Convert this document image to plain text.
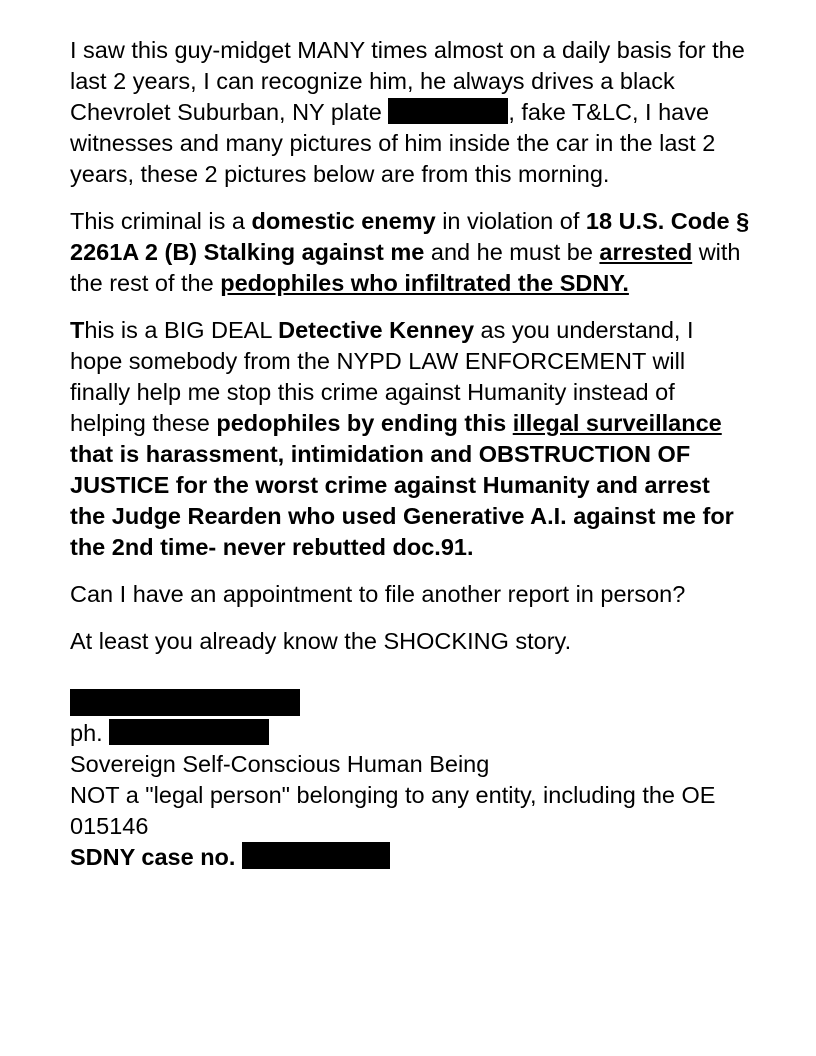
I saw this guy-midget MANY times almost on a daily basis for the last 2 years, I can recognize him, he always drives a black Chevrolet Suburban, NY plate	, fake T&LC, I have witnesses and many pictures of him inside the car in the last 2 years, these 2 pictures below are from this morning.

This criminal is a domestic enemy in violation of 18 U.S. Code § 2261A 2 (B) Stalking against me and he must be arrested with the rest of the pedophiles who infiltrated the SDNY.

This is a BIG DEAL Detective Kenney as you understand, I hope somebody from the NYPD LAW ENFORCEMENT will finally help me stop this crime against Humanity instead of helping these pedophiles by ending this illegal surveillance that is harassment, intimidation and OBSTRUCTION OF JUSTICE for the worst crime against Humanity and arrest the Judge Rearden who used Generative A.I. against me for the 2nd time- never rebutted doc.91.

Can I have an appointment to file another report in person?

At least you already know the SHOCKING story.

ph.
Sovereign Self-Conscious Human Being
NOT a "legal person" belonging to any entity, including the OE 015146
SDNY case no.
